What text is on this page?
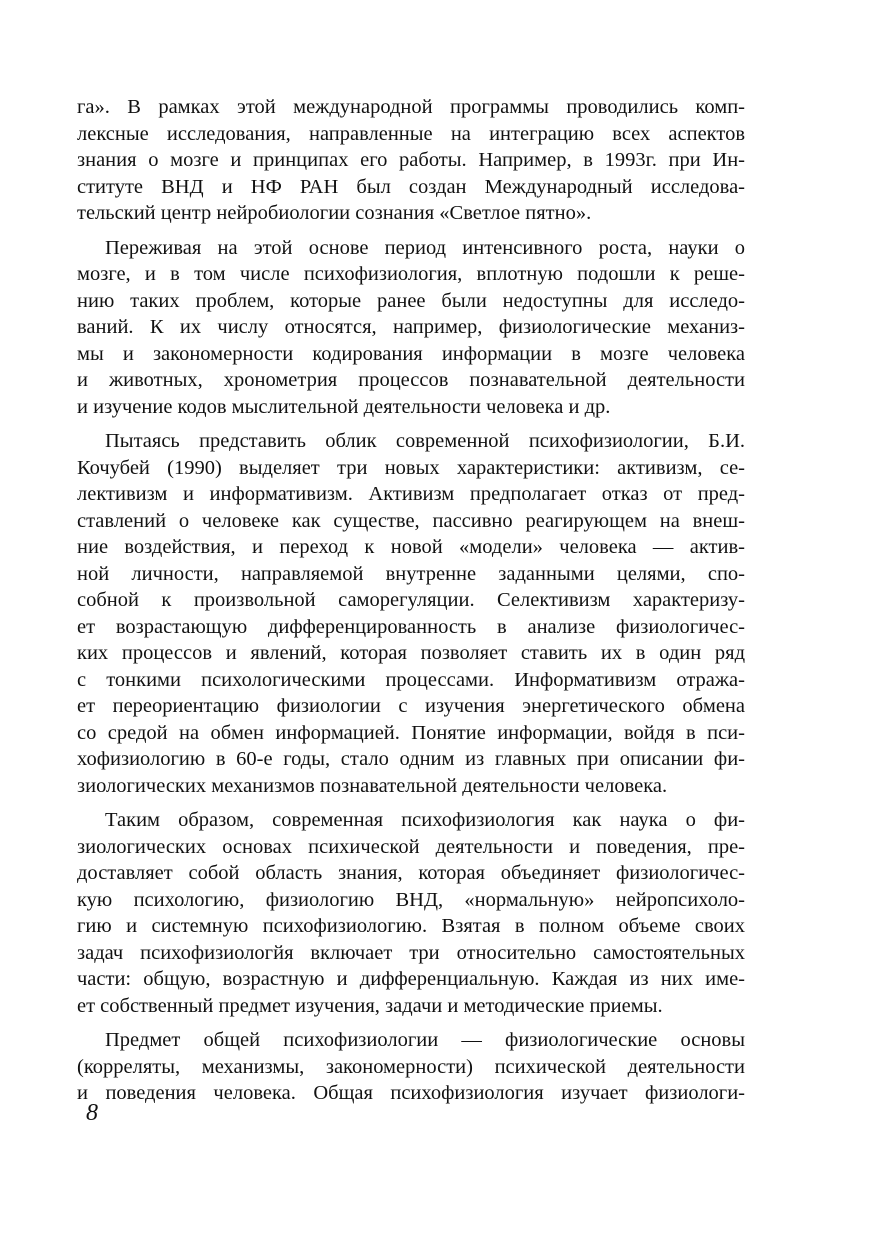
га». В рамках этой международной программы проводились комп-
лексные исследования, направленные на интеграцию всех аспектов
знания о мозге и принципах его работы. Например, в 1993г. при Ин-
ституте ВНД и НФ РАН был создан Международный исследова-
тельский центр нейробиологии сознания «Светлое пятно».
Переживая на этой основе период интенсивного роста, науки о
мозге, и в том числе психофизиология, вплотную подошли к реше-
нию таких проблем, которые ранее были недоступны для исследо-
ваний. К их числу относятся, например, физиологические механиз-
мы и закономерности кодирования информации в мозге человека
и животных, хронометрия процессов познавательной деятельности
и изучение кодов мыслительной деятельности человека и др.
Пытаясь представить облик современной психофизиологии, Б.И.
Кочубей (1990) выделяет три новых характеристики: активизм, се-
лективизм и информативизм. Активизм предполагает отказ от пред-
ставлений о человеке как существе, пассивно реагирующем на внеш-
ние воздействия, и переход к новой «модели» человека — актив-
ной личности, направляемой внутренне заданными целями, спо-
собной к произвольной саморегуляции. Селективизм характеризу-
ет возрастающую дифференцированность в анализе физиологичес-
ких процессов и явлений, которая позволяет ставить их в один ряд
с тонкими психологическими процессами. Информативизм отража-
ет переориентацию физиологии с изучения энергетического обмена
со средой на обмен информацией. Понятие информации, войдя в пси-
хофизиологию в 60-е годы, стало одним из главных при описании фи-
зиологических механизмов познавательной деятельности человека.
Таким образом, современная психофизиология как наука о фи-
зиологических основах психической деятельности и поведения, пре-
доставляет собой область знания, которая объединяет физиологичес-
кую психологию, физиологию ВНД, «нормальную» нейропсихоло-
гию и системную психофизиологию. Взятая в полном объеме своих
задач психофизиологйя включает три относительно самостоятельных
части: общую, возрастную и дифференциальную. Каждая из них име-
ет собственный предмет изучения, задачи и методические приемы.
Предмет общей психофизиологии — физиологические основы
(корреляты, механизмы, закономерности) психической деятельности
и поведения человека. Общая психофизиология изучает физиологи-
8
